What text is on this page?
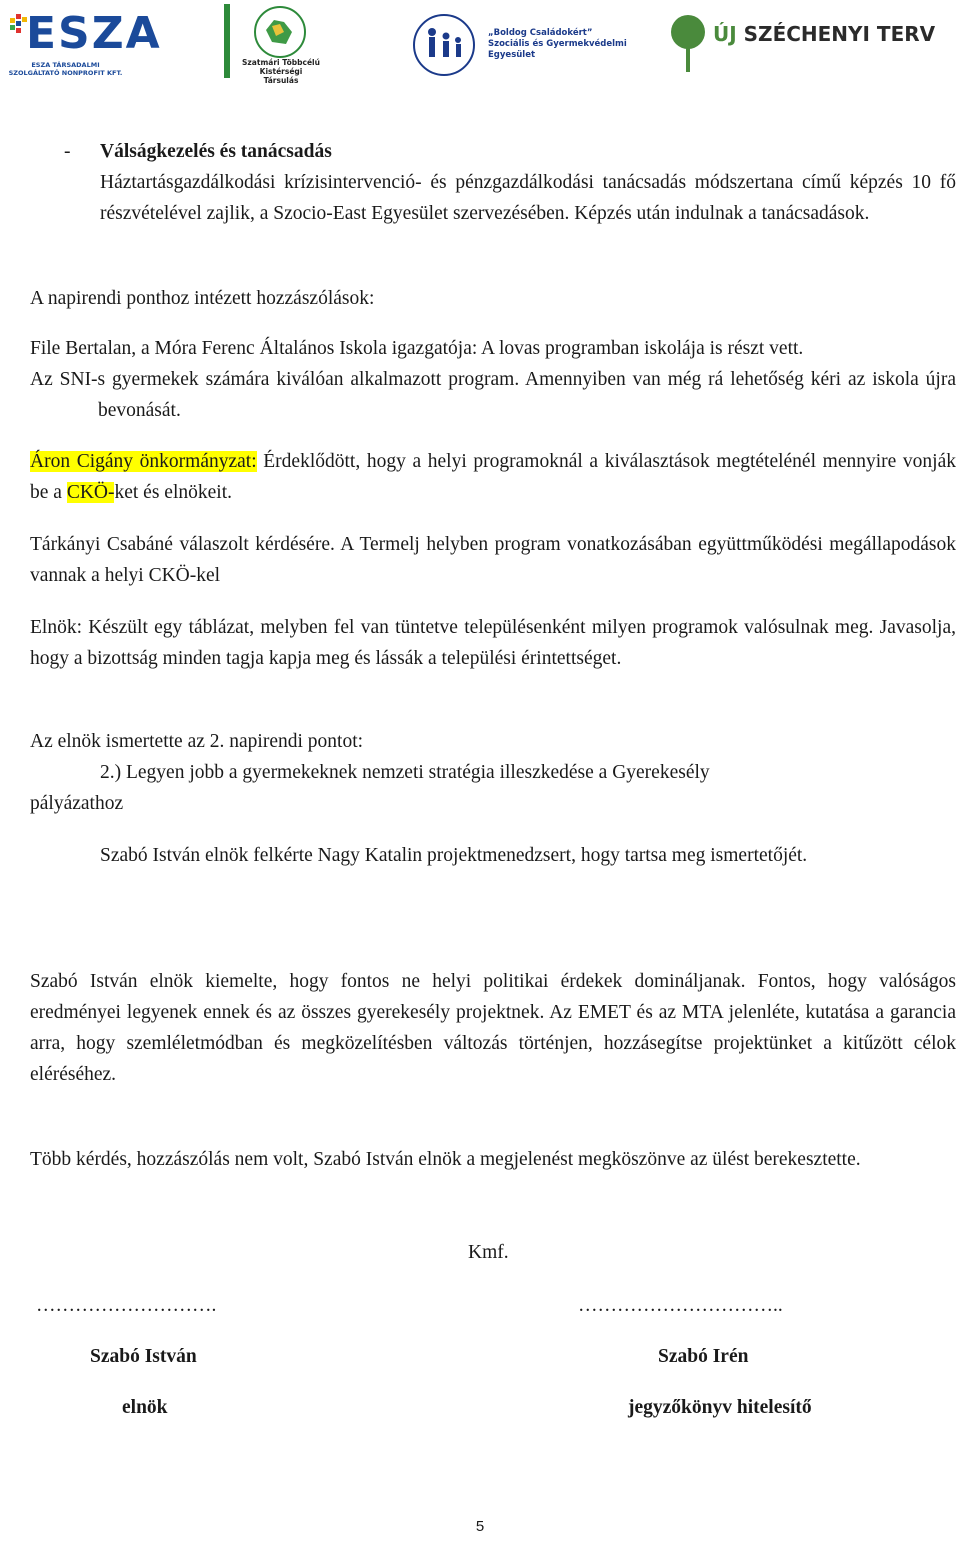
ESZA
ESZA TÁRSADALMI SZOLGÁLTATÓ NONPROFIT KFT.
Szatmári Többcélú
Kistérségi Társulás
„Boldog Családokért”
Szociális és Gyermekvédelmi
Egyesület
ÚJ SZÉCHENYI TERV
- Válságkezelés és tanácsadás
Háztartásgazdálkodási krízisintervenció- és pénzgazdálkodási tanácsadás módszertana című képzés 10 fő részvételével zajlik, a Szocio-East Egyesület szervezésében. Képzés után indulnak a tanácsadások.
A napirendi ponthoz intézett hozzászólások:
File Bertalan, a Móra Ferenc Általános Iskola igazgatója: A lovas programban iskolája is részt vett.
Az SNI-s gyermekek számára kiválóan alkalmazott program. Amennyiben van még rá lehetőség kéri az iskola újra bevonását.
Áron Cigány önkormányzat: Érdeklődött, hogy a helyi programoknál a kiválasztások megtételénél mennyire vonják be a CKÖ-ket és elnökeit.
Tárkányi Csabáné válaszolt kérdésére. A Termelj helyben program vonatkozásában együttműködési megállapodások vannak a helyi CKÖ-kel
Elnök: Készült egy táblázat, melyben fel van tüntetve településenként milyen programok valósulnak meg. Javasolja, hogy a bizottság minden tagja kapja meg és lássák a települési érintettséget.
Az elnök ismertette az 2. napirendi pontot:
2.) Legyen jobb a gyermekeknek nemzeti stratégia illeszkedése a Gyerekesély
pályázathoz
Szabó István elnök felkérte Nagy Katalin projektmenedzsert, hogy tartsa meg ismertetőjét.
Szabó István elnök kiemelte, hogy fontos ne helyi politikai érdekek domináljanak. Fontos, hogy valóságos eredményei legyenek ennek és az összes gyerekesély projektnek. Az EMET és az MTA jelenléte, kutatása a garancia arra, hogy szemléletmódban és megközelítésben változás történjen, hozzásegítse projektünket a kitűzött célok eléréséhez.
Több kérdés, hozzászólás nem volt, Szabó István elnök a megjelenést megköszönve az ülést berekesztette.
Kmf.
……………………….	…………………………..
Szabó István	Szabó Irén
elnök	jegyzőkönyv hitelesítő
5
